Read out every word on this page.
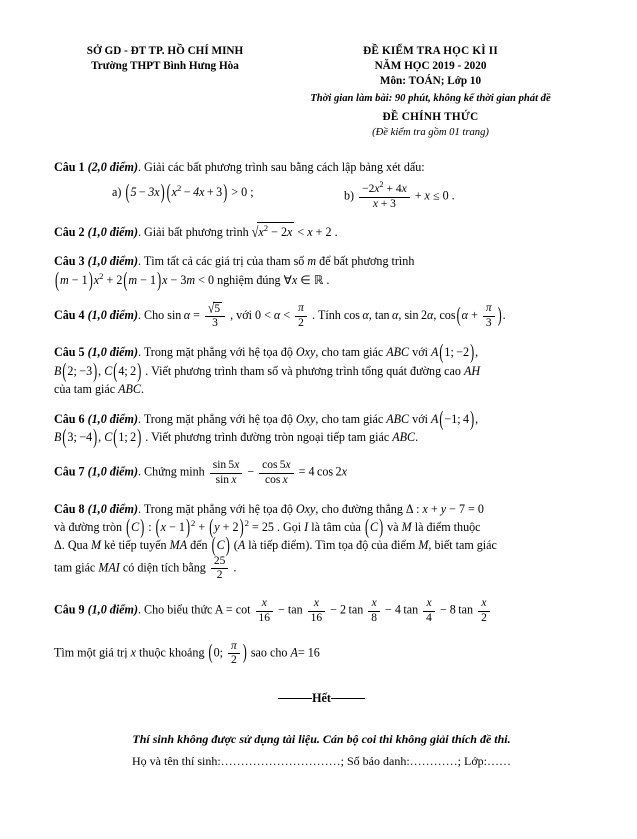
SỞ GD - ĐT TP. HỒ CHÍ MINH
Trường THPT Bình Hưng Hòa
ĐỀ KIỂM TRA HỌC KÌ II
NĂM HỌC 2019 - 2020
Môn: TOÁN; Lớp 10
Thời gian làm bài: 90 phút, không kể thời gian phát đề
ĐỀ CHÍNH THỨC
(Đề kiểm tra gồm 01 trang)
Câu 1 (2,0 điểm). Giải các bất phương trình sau bằng cách lập bảng xét dấu:
a) (5 − 3x) $(x^2 - 4x + 3) > 0$ ;	$b) \frac{-2x^2 + 4x}{x + 3} + x \le 0$ .
Câu 2 (1,0 điểm). Giải bất phương trình $√x^2 - 2x < x + 2$ .
Câu 3 (1,0 điểm). Tìm tất cả các giá trị của tham số m để bất phương trình
$(m - 1)x^2 + 2(m - 1)x - 3m < 0$ nghiệm đúng ∀x ∈ ℝ .
Câu 4 (1,0 điểm). Cho $\sin \alpha = \frac{√5}{3}$ , với $0 < \alpha < \frac{\pi}{2}$ . Tính cos α, tan α, sin 2α, $\cos(\alpha + \frac{\pi}{3}$ ).
Câu 5 (1,0 điểm). Trong mặt phẳng với hệ tọa độ Oxy, cho tam giác ABC với A(1; −2),
B(2; −3), C(4; 2) . Viết phương trình tham số và phương trình tổng quát đường cao AH
của tam giác ABC.
Câu 6 (1,0 điểm). Trong mặt phẳng với hệ tọa độ Oxy, cho tam giác ABC với A(−1; 4),
B(3; −4), C(1; 2) . Viết phương trình đường tròn ngoại tiếp tam giác ABC.
Câu 7 (1,0 điểm). Chứng minh $\frac{\sin 5x}{\text{sin x}} - \frac{\cos 5x}{\text{cos x}} = 4$ cos 2x
Câu 8 (1,0 điểm). Trong mặt phẳng với hệ tọa độ Oxy, cho đường thẳng Δ : x + y − 7 = 0
và đường tròn (C) : $(x - 1)^2 + (y + 2)^2 = 25$ . Gọi I là tâm của (C) và M là điểm thuộc
Δ. Qua M kẻ tiếp tuyến MA đến (C) (A là tiếp điểm). Tìm tọa độ của điểm M, biết tam giác
tam giác MAI có diện tích bằng $\frac{25}{2}$ .
Câu 9 (1,0 điểm). Cho biểu thức $A = \cot \frac{x}{16} - \tan \frac{x}{16} - 2$ $\tan \frac{x}{8} - 4$ $\tan \frac{x}{4} - 8$ $\tan \frac{x}{2}$
Tìm một giá trị x thuộc khoảng (0; $\frac{\pi}{2}$ ) sao cho A= 16
Hết
Thí sinh không được sử dụng tài liệu. Cán bộ coi thi không giải thích đề thi.
Họ và tên thí sinh:…………………………; Số báo danh:…………; Lớp:……
